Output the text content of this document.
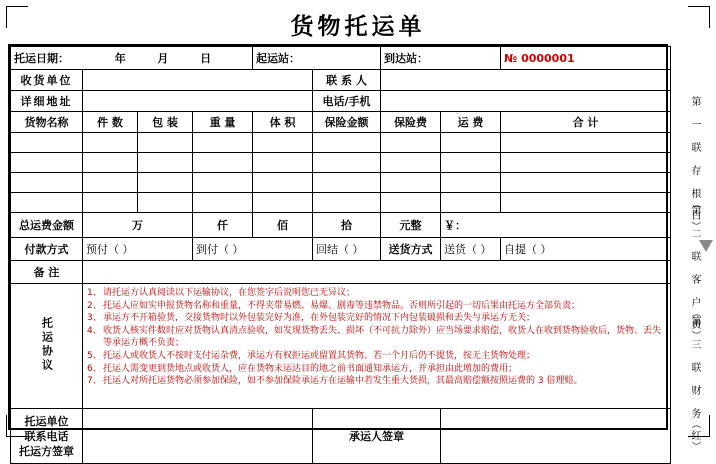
货物托运单
第 一 联 存 根（白）
第 二 联 客 户（黄）
第 三 联 财 务（红）
托运日期： 年 月 日				起运站：		到达站：		№ 0000001
收货单位					联 系 人			
详细地址					电话/手机			
货物名称	件 数	包 装	重 量	体 积	保险金额	保险费	运 费	合 计

总运费金额	万		仟	佰	拾	元整	￥：	
付款方式	预付（ ）		到付（ ）		回结（ ）	送货方式	送货（ ）	自提（ ）
备 注								
托运协议	
1、 请托运方认真阅读以下运输协议，在您签字后说明您已无异议；
2、 托运人应如实申报货物名称和重量，不得夹带易燃、易爆、剧毒等违禁物品。否则所引起的一切后果由托运方全部负责；
3、 承运方不开箱验货，交接货物时以外包装完好为准，在外包装完好的情况下内包装破损和丢失与承运方无关；
4、 收货人核实件数时应对货物认真清点验收，如发现货物丢失、损坏（不可抗力除外）应当场要求赔偿，收货人在收到货物验收后，货物、丢失等承运方概不负责；
5、 托运人或收货人不按时支付运杂费，承运方有权拒运或留置其货物。若一个月后仍不提货，按无主货物处理；
6、 托运人需变更到货地点或收货人，应在货物未运达目的地之前书面通知承运方，并承担由此增加的费用；
7、 托运人对所托运货物必须参加保险，如不参加保险承运方在运输中若发生重大货损，其最高赔偿额按照运费的 3 倍理赔。

托运单位
联系电话
托运方签章					承运人签章			
